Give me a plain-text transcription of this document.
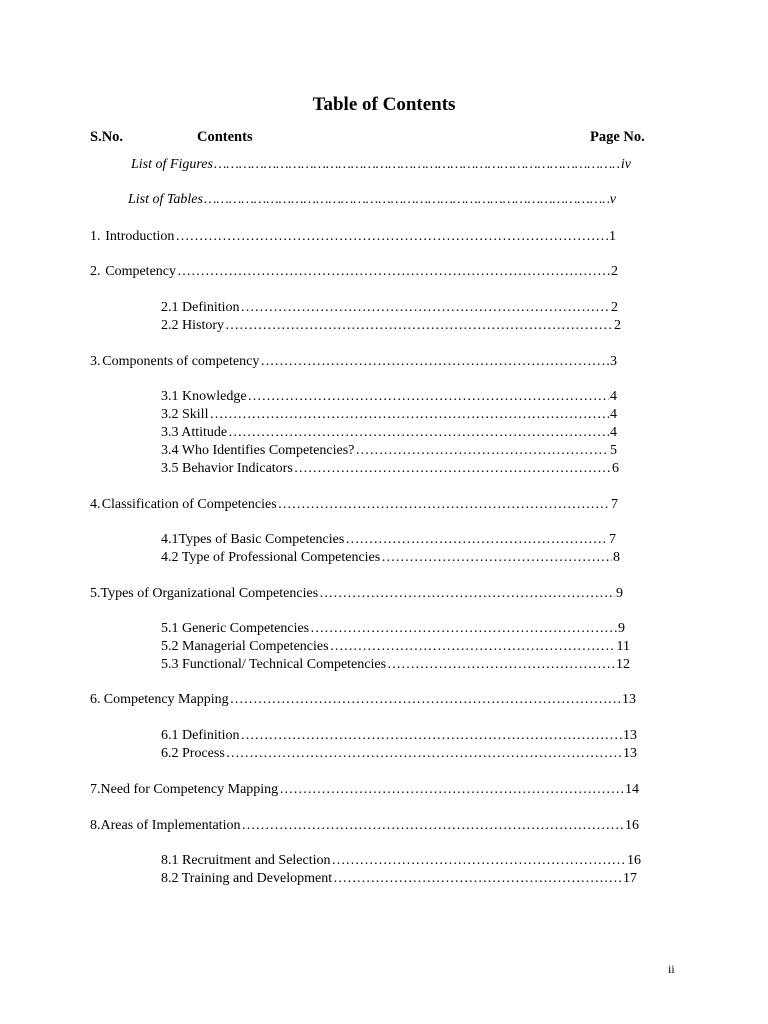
Table of Contents
S.No.	Contents	Page No.
List of Figures ………………………………………………………………………………………………………………………………………………………………………………………	iv
List of Tables ………………………………………………………………………………………………………………………………………………………………………………………	v
1. Introduction ………………………………………………………………………………………………………………………………………………………………………………………	1
2. Competency ………………………………………………………………………………………………………………………………………………………………………………………	2
2.1 Definition ………………………………………………………………………………………………………………………………………………………………………………………	2
2.2 History ………………………………………………………………………………………………………………………………………………………………………………………	2
3. Components of competency ………………………………………………………………………………………………………………………………………………………………………………………	3
3.1 Knowledge ………………………………………………………………………………………………………………………………………………………………………………………	4
3.2 Skill ………………………………………………………………………………………………………………………………………………………………………………………	4
3.3 Attitude ………………………………………………………………………………………………………………………………………………………………………………………	4
3.4 Who Identifies Competencies? ………………………………………………………………………………………………………………………………………………………………………………………	5
3.5 Behavior Indicators ………………………………………………………………………………………………………………………………………………………………………………………	6
4. Classification of Competencies ………………………………………………………………………………………………………………………………………………………………………………………	7
4.1Types of Basic Competencies ………………………………………………………………………………………………………………………………………………………………………………………	7
4.2 Type of Professional Competencies ………………………………………………………………………………………………………………………………………………………………………………………	8
5. Types of Organizational Competencies ………………………………………………………………………………………………………………………………………………………………………………………	9
5.1 Generic Competencies ………………………………………………………………………………………………………………………………………………………………………………………	9
5.2 Managerial Competencies ………………………………………………………………………………………………………………………………………………………………………………………	11
5.3 Functional/ Technical Competencies ………………………………………………………………………………………………………………………………………………………………………………………	12
6. Competency Mapping ………………………………………………………………………………………………………………………………………………………………………………………	13
6.1 Definition ………………………………………………………………………………………………………………………………………………………………………………………	13
6.2 Process ………………………………………………………………………………………………………………………………………………………………………………………	13
7. Need for Competency Mapping ………………………………………………………………………………………………………………………………………………………………………………………	14
8. Areas of Implementation ………………………………………………………………………………………………………………………………………………………………………………………	16
8.1 Recruitment and Selection ………………………………………………………………………………………………………………………………………………………………………………………	16
8.2 Training and Development ………………………………………………………………………………………………………………………………………………………………………………………	17
ii
